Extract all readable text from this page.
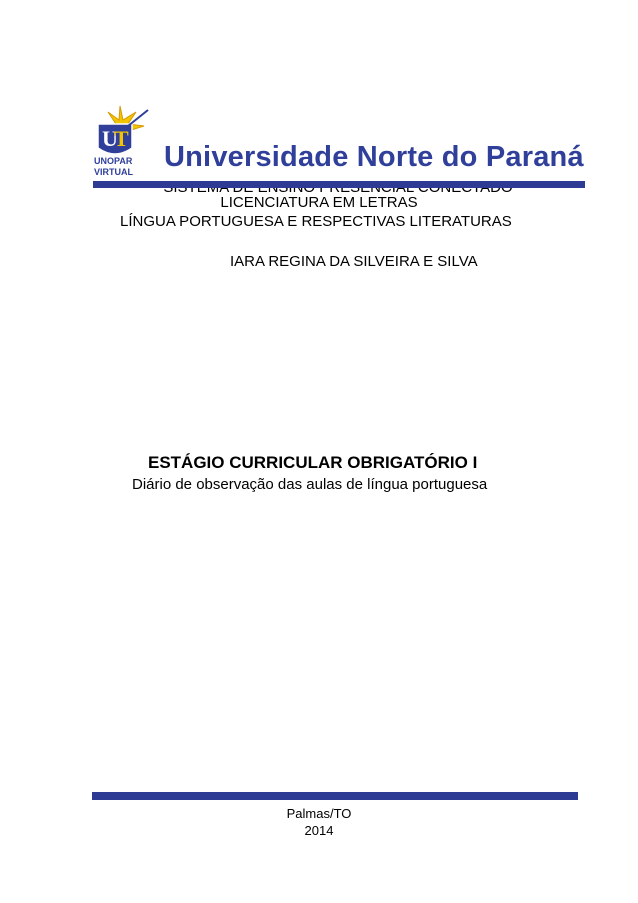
U
T
UNOPAR
VIRTUAL Universidade Norte do Paraná
LICENCIATURA EM LETRAS
LÍNGUA PORTUGUESA E RESPECTIVAS LITERATURAS
IARA REGINA DA SILVEIRA E SILVA
ESTÁGIO CURRICULAR OBRIGATÓRIO I
Diário de observação das aulas de língua portuguesa
Palmas/TO
2014
